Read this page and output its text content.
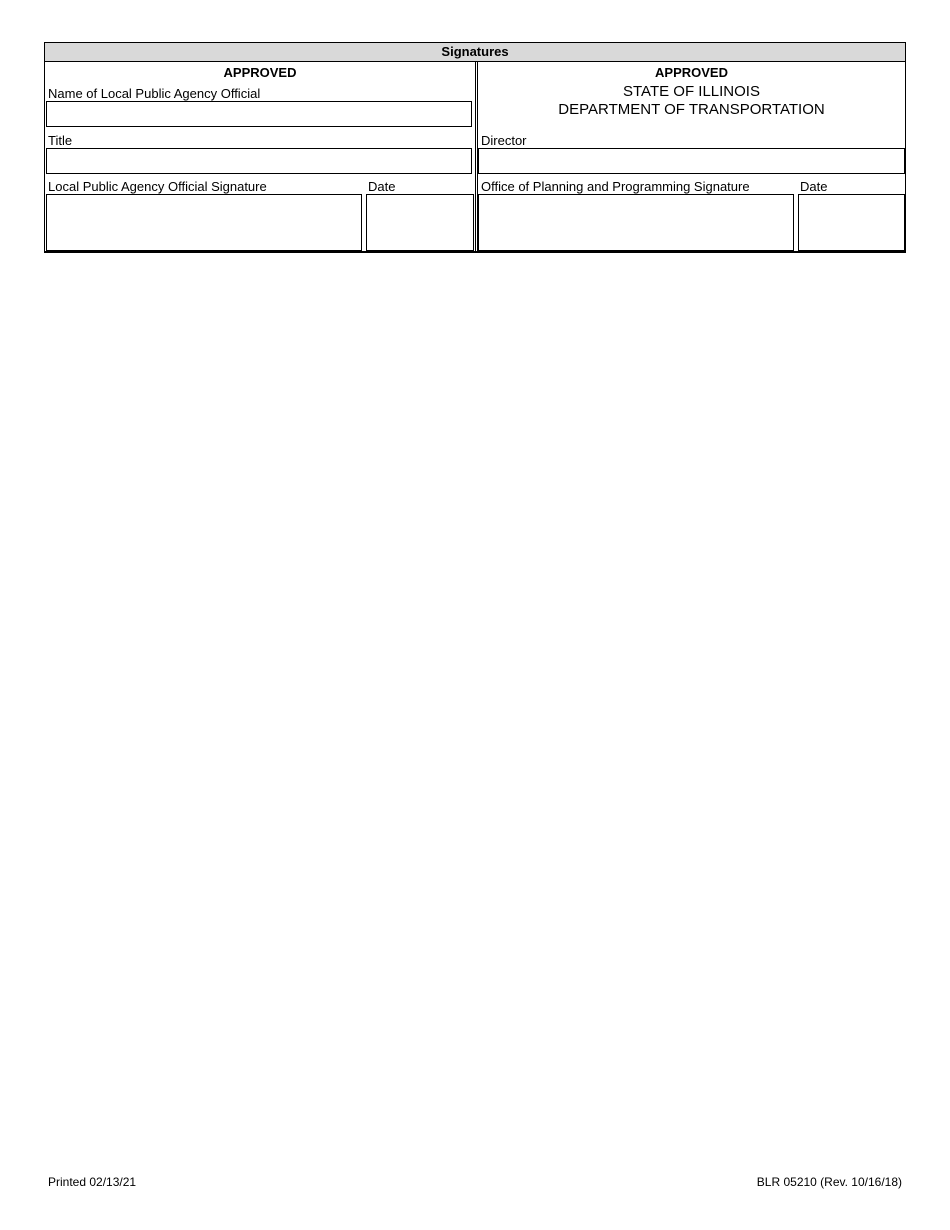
Signatures
APPROVED
Name of Local Public Agency Official
Title
Local Public Agency Official Signature	Date
APPROVED
STATE OF ILLINOIS
DEPARTMENT OF TRANSPORTATION
Director
Office of Planning and Programming Signature	Date
Printed 02/13/21	BLR 05210 (Rev. 10/16/18)
